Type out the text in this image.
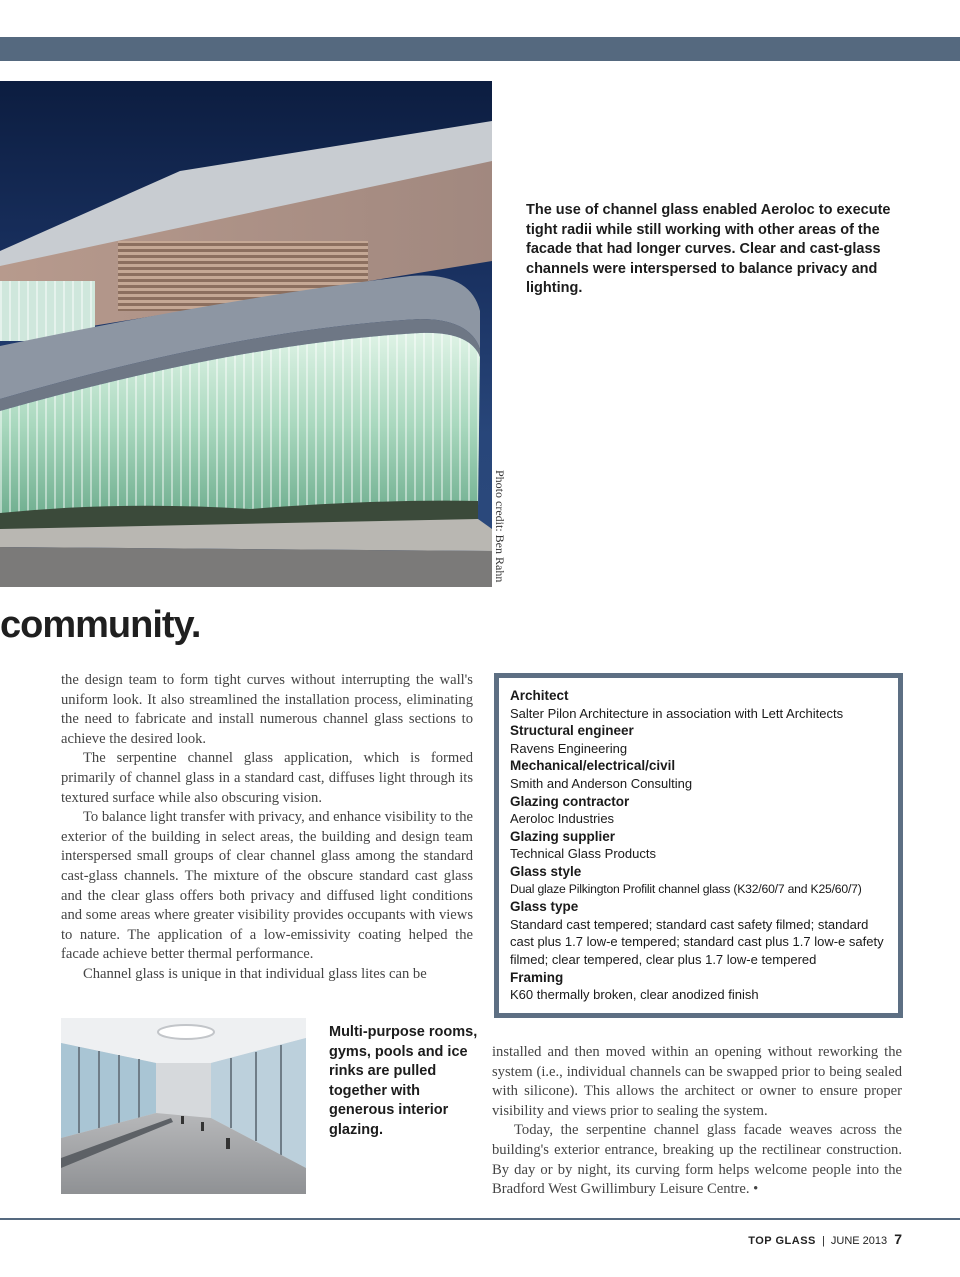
Photo credit: Ben Rahn
The use of channel glass enabled Aeroloc to execute tight radii while still working with other areas of the facade that had longer curves. Clear and cast-glass channels were interspersed to balance privacy and lighting.
community.

the design team to form tight curves without interrupting the wall's uniform look. It also streamlined the installation process, eliminating the need to fabricate and install numerous channel glass sections to achieve the desired look.

The serpentine channel glass application, which is formed primarily of channel glass in a standard cast, diffuses light through its textured surface while also obscuring vision.

To balance light transfer with privacy, and enhance visibility to the exterior of the building in select areas, the building and design team interspersed small groups of clear channel glass among the standard cast-glass channels. The mixture of the obscure standard cast glass and the clear glass offers both privacy and diffused light conditions and some areas where greater visibility provides occupants with views to nature. The application of a low-emissivity coating helped the facade achieve better thermal performance.

Channel glass is unique in that individual glass lites can be

Architect
Salter Pilon Architecture in association with Lett Architects
Structural engineer
Ravens Engineering
Mechanical/electrical/civil
Smith and Anderson Consulting
Glazing contractor
Aeroloc Industries
Glazing supplier
Technical Glass Products
Glass style
Dual glaze Pilkington Profilit channel glass (K32/60/7 and K25/60/7)
Glass type
Standard cast tempered; standard cast safety filmed; standard cast plus 1.7 low-e tempered; standard cast plus 1.7 low-e safety filmed; clear tempered, clear plus 1.7 low-e tempered
Framing
K60 thermally broken, clear anodized finish
Multi-purpose rooms, gyms, pools and ice rinks are pulled together with generous interior glazing.

installed and then moved within an opening without reworking the system (i.e., individual channels can be swapped prior to being sealed with silicone). This allows the architect or owner to ensure proper visibility and views prior to sealing the system.

Today, the serpentine channel glass facade weaves across the building's exterior entrance, breaking up the rectilinear construction. By day or by night, its curving form helps welcome people into the Bradford West Gwillimbury Leisure Centre. •

TOP GLASS | JUNE 2013 7
